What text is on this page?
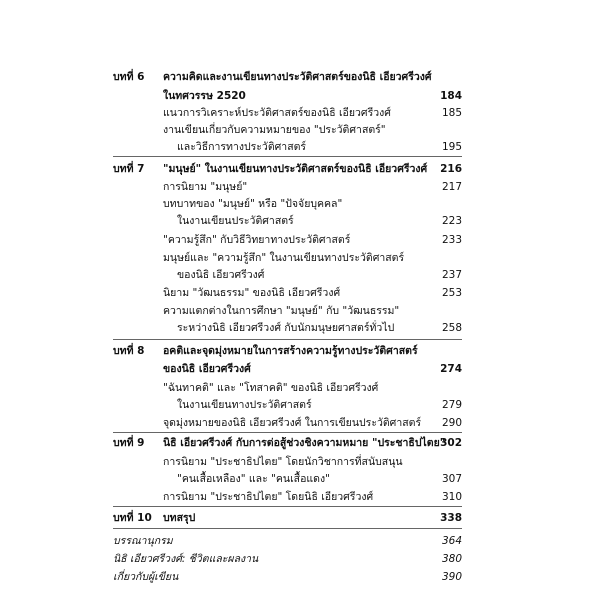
บทที่ 6 ความคิดและงานเขียนทางประวัติศาสตร์ของนิธิ เอียวศรีวงศ์
ในทศวรรษ 2520	184
แนวการวิเคราะห์ประวัติศาสตร์ของนิธิ เอียวศรีวงศ์	185
งานเขียนเกี่ยวกับความหมายของ "ประวัติศาสตร์"
และวิธีการทางประวัติศาสตร์	195
บทที่ 7 "มนุษย์" ในงานเขียนทางประวัติศาสตร์ของนิธิ เอียวศรีวงศ์ 216
การนิยาม "มนุษย์"	217
บทบาทของ "มนุษย์" หรือ "ปัจจัยบุคคล"
ในงานเขียนประวัติศาสตร์	223
"ความรู้สึก" กับวิธีวิทยาทางประวัติศาสตร์	233
มนุษย์และ "ความรู้สึก" ในงานเขียนทางประวัติศาสตร์
ของนิธิ เอียวศรีวงศ์	237
นิยาม "วัฒนธรรม" ของนิธิ เอียวศรีวงศ์	253
ความแตกต่างในการศึกษา "มนุษย์" กับ "วัฒนธรรม"
ระหว่างนิธิ เอียวศรีวงศ์ กับนักมนุษยศาสตร์ทั่วไป	258
บทที่ 8 อคติและจุดมุ่งหมายในการสร้างความรู้ทางประวัติศาสตร์
ของนิธิ เอียวศรีวงศ์	274
"ฉันทาคติ" และ "โทสาคติ" ของนิธิ เอียวศรีวงศ์
ในงานเขียนทางประวัติศาสตร์	279
จุดมุ่งหมายของนิธิ เอียวศรีวงศ์ ในการเขียนประวัติศาสตร์ 290
บทที่ 9 นิธิ เอียวศรีวงศ์ กับการต่อสู้ช่วงชิงความหมาย "ประชาธิปไตย"
302
การนิยาม "ประชาธิปไตย" โดยนักวิชาการที่สนับสนุน
"คนเสื้อเหลือง" และ "คนเสื้อแดง"	307
การนิยาม "ประชาธิปไตย" โดยนิธิ เอียวศรีวงศ์	310
บทที่ 10 บทสรุป	338
บรรณานุกรม	364
นิธิ เอียวศรีวงศ์: ชีวิตและผลงาน	380
เกี่ยวกับผู้เขียน	390
